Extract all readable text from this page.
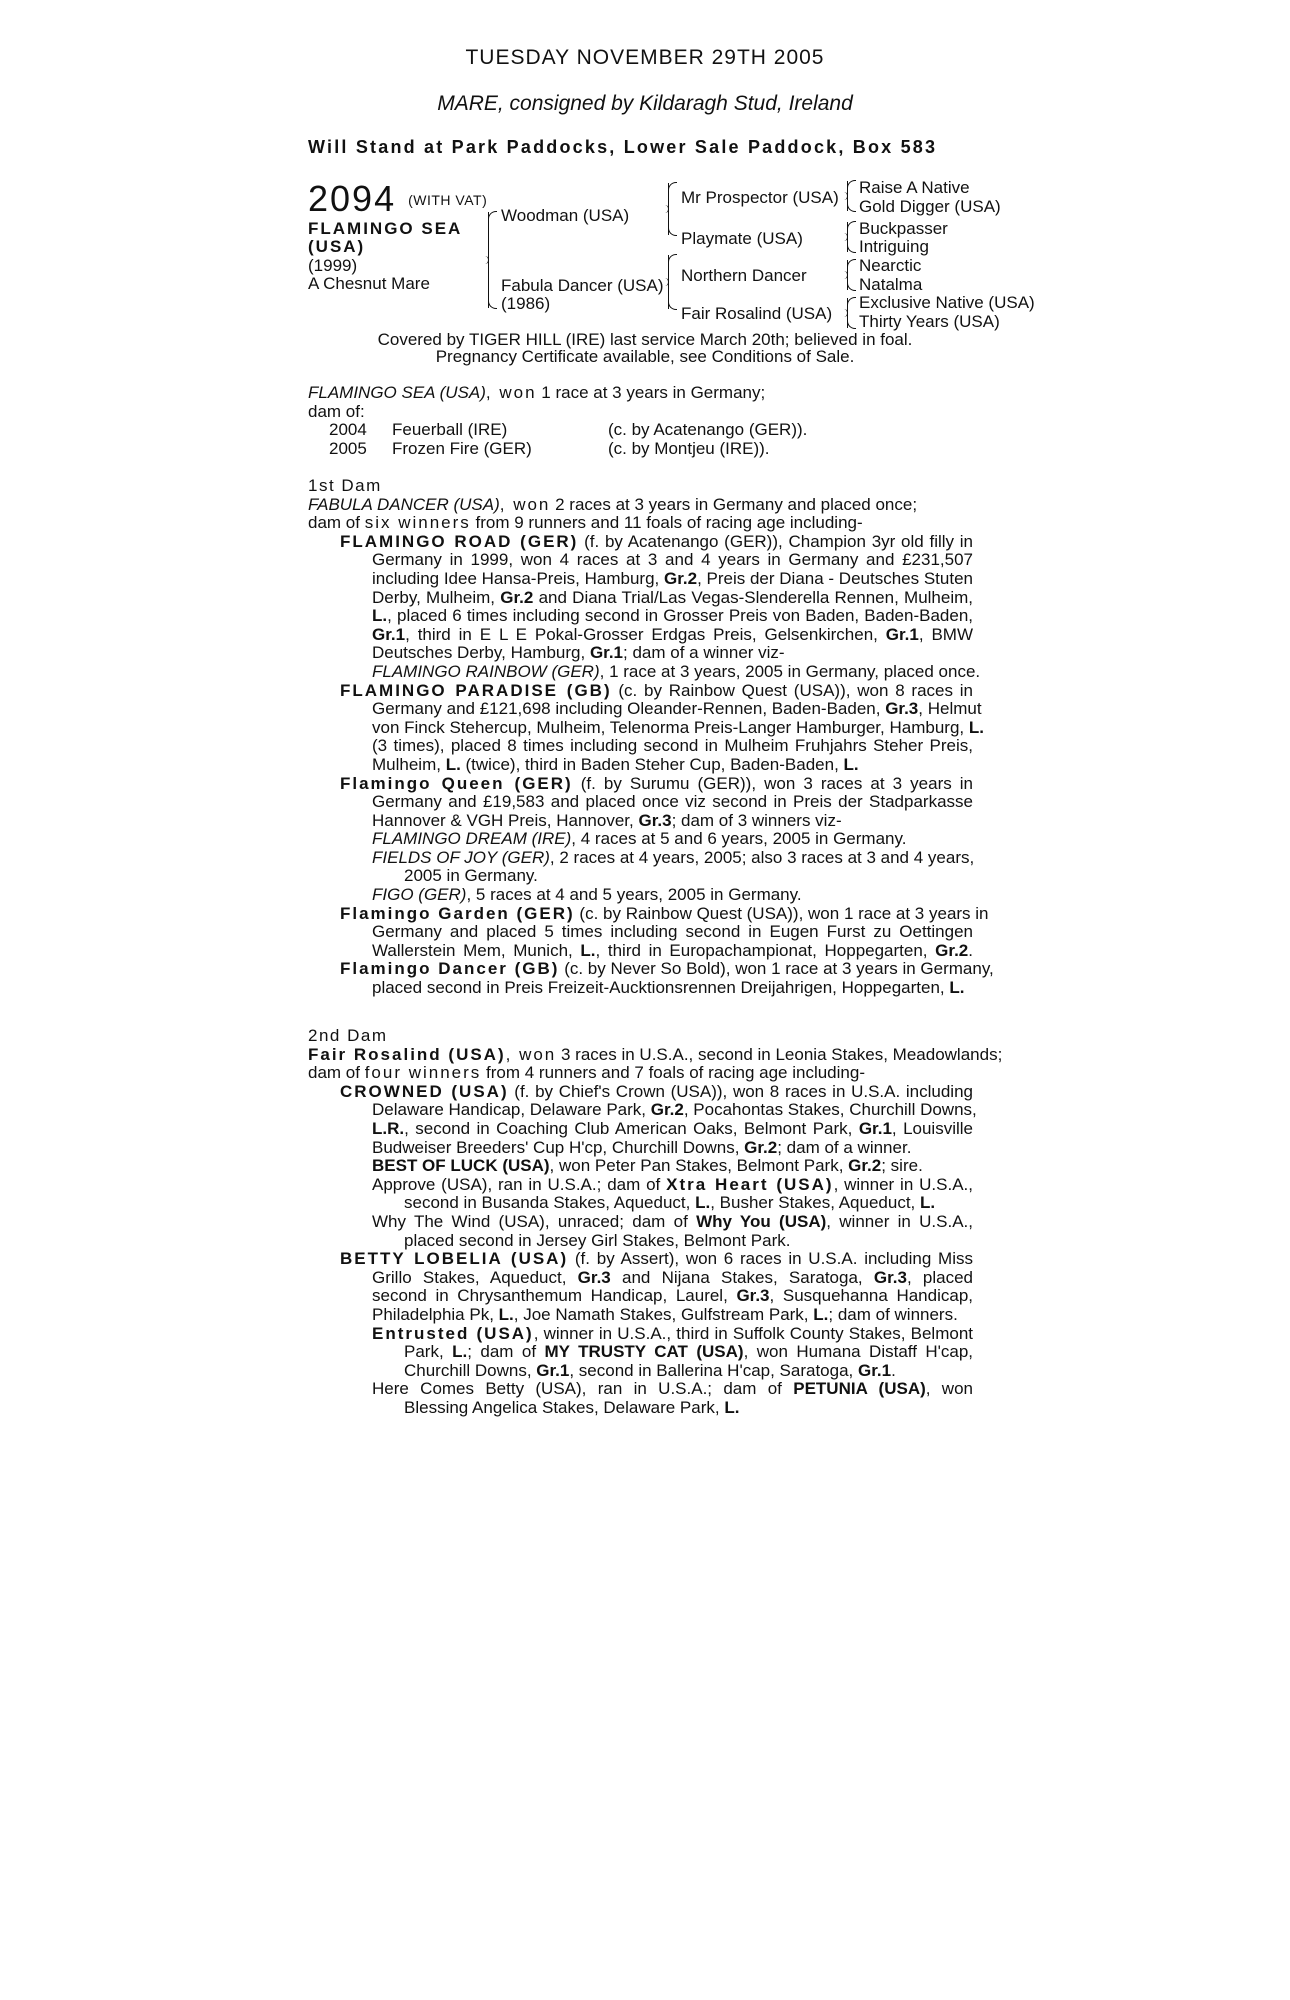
TUESDAY NOVEMBER 29TH 2005
MARE, consigned by Kildaragh Stud, Ireland
Will Stand at Park Paddocks, Lower Sale Paddock, Box 583
2094 (WITH VAT)
FLAMINGO SEA
(USA)
(1999)
A Chesnut Mare
Woodman (USA)
Fabula Dancer (USA)
(1986)
Mr Prospector (USA)
Playmate (USA)
Northern Dancer
Fair Rosalind (USA)
Raise A Native
Gold Digger (USA)
Buckpasser
Intriguing
Nearctic
Natalma
Exclusive Native (USA)
Thirty Years (USA)
Covered by TIGER HILL (IRE) last service March 20th; believed in foal.
Pregnancy Certificate available, see Conditions of Sale.
FLAMINGO SEA (USA), won 1 race at 3 years in Germany;
dam of:
2004 Feuerball (IRE)	(c. by Acatenango (GER)).
2005 Frozen Fire (GER)	(c. by Montjeu (IRE)).
1st Dam
FABULA DANCER (USA), won 2 races at 3 years in Germany and placed once;
dam of six winners from 9 runners and 11 foals of racing age including-
FLAMINGO ROAD (GER) (f. by Acatenango (GER)), Champion 3yr old filly in
Germany in 1999, won 4 races at 3 and 4 years in Germany and £231,507
including Idee Hansa-Preis, Hamburg, Gr.2, Preis der Diana - Deutsches Stuten
Derby, Mulheim, Gr.2 and Diana Trial/Las Vegas-Slenderella Rennen, Mulheim,
L., placed 6 times including second in Grosser Preis von Baden, Baden-Baden,
Gr.1, third in E L E Pokal-Grosser Erdgas Preis, Gelsenkirchen, Gr.1, BMW
Deutsches Derby, Hamburg, Gr.1; dam of a winner viz-
FLAMINGO RAINBOW (GER), 1 race at 3 years, 2005 in Germany, placed once.
FLAMINGO PARADISE (GB) (c. by Rainbow Quest (USA)), won 8 races in
Germany and £121,698 including Oleander-Rennen, Baden-Baden, Gr.3, Helmut
von Finck Stehercup, Mulheim, Telenorma Preis-Langer Hamburger, Hamburg, L.
(3 times), placed 8 times including second in Mulheim Fruhjahrs Steher Preis,
Mulheim, L. (twice), third in Baden Steher Cup, Baden-Baden, L.
Flamingo Queen (GER) (f. by Surumu (GER)), won 3 races at 3 years in
Germany and £19,583 and placed once viz second in Preis der Stadparkasse
Hannover & VGH Preis, Hannover, Gr.3; dam of 3 winners viz-
FLAMINGO DREAM (IRE), 4 races at 5 and 6 years, 2005 in Germany.
FIELDS OF JOY (GER), 2 races at 4 years, 2005; also 3 races at 3 and 4 years,
2005 in Germany.
FIGO (GER), 5 races at 4 and 5 years, 2005 in Germany.
Flamingo Garden (GER) (c. by Rainbow Quest (USA)), won 1 race at 3 years in
Germany and placed 5 times including second in Eugen Furst zu Oettingen
Wallerstein Mem, Munich, L., third in Europachampionat, Hoppegarten, Gr.2.
Flamingo Dancer (GB) (c. by Never So Bold), won 1 race at 3 years in Germany,
placed second in Preis Freizeit-Aucktionsrennen Dreijahrigen, Hoppegarten, L.
2nd Dam
Fair Rosalind (USA), won 3 races in U.S.A., second in Leonia Stakes, Meadowlands;
dam of four winners from 4 runners and 7 foals of racing age including-
CROWNED (USA) (f. by Chief's Crown (USA)), won 8 races in U.S.A. including
Delaware Handicap, Delaware Park, Gr.2, Pocahontas Stakes, Churchill Downs,
L.R., second in Coaching Club American Oaks, Belmont Park, Gr.1, Louisville
Budweiser Breeders' Cup H'cp, Churchill Downs, Gr.2; dam of a winner.
BEST OF LUCK (USA), won Peter Pan Stakes, Belmont Park, Gr.2; sire.
Approve (USA), ran in U.S.A.; dam of Xtra Heart (USA), winner in U.S.A.,
second in Busanda Stakes, Aqueduct, L., Busher Stakes, Aqueduct, L.
Why The Wind (USA), unraced; dam of Why You (USA), winner in U.S.A.,
placed second in Jersey Girl Stakes, Belmont Park.
BETTY LOBELIA (USA) (f. by Assert), won 6 races in U.S.A. including Miss
Grillo Stakes, Aqueduct, Gr.3 and Nijana Stakes, Saratoga, Gr.3, placed
second in Chrysanthemum Handicap, Laurel, Gr.3, Susquehanna Handicap,
Philadelphia Pk, L., Joe Namath Stakes, Gulfstream Park, L.; dam of winners.
Entrusted (USA), winner in U.S.A., third in Suffolk County Stakes, Belmont
Park, L.; dam of MY TRUSTY CAT (USA), won Humana Distaff H'cap,
Churchill Downs, Gr.1, second in Ballerina H'cap, Saratoga, Gr.1.
Here Comes Betty (USA), ran in U.S.A.; dam of PETUNIA (USA), won
Blessing Angelica Stakes, Delaware Park, L.
